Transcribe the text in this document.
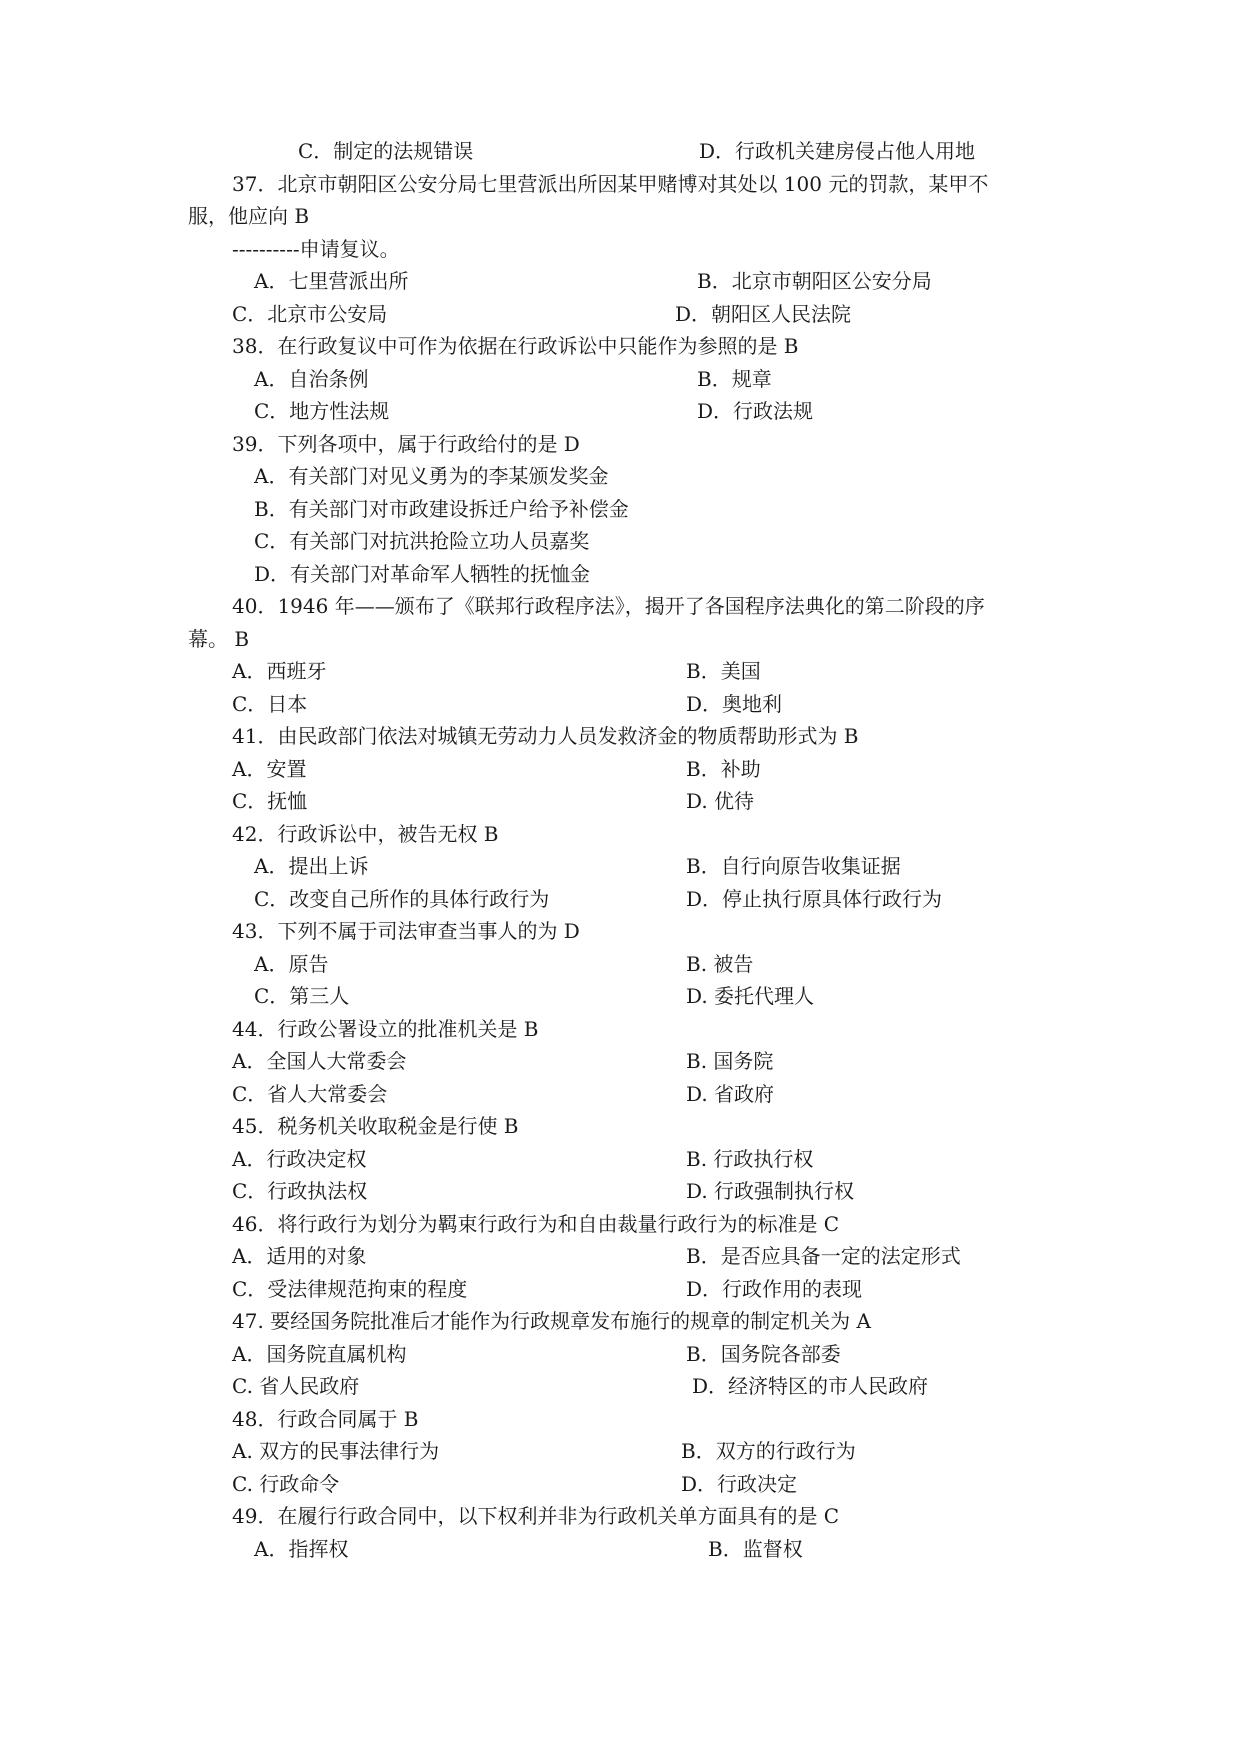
C．制定的法规错误	D．行政机关建房侵占他人用地
37．北京市朝阳区公安分局七里营派出所因某甲赌博对其处以 100 元的罚款，某甲不
服，他应向 B
----------申请复议。
A．七里营派出所	B．北京市朝阳区公安分局
C．北京市公安局	D．朝阳区人民法院
38．在行政复议中可作为依据在行政诉讼中只能作为参照的是 B
A．自治条例	B．规章
C．地方性法规	D．行政法规
39．下列各项中，属于行政给付的是 D
A．有关部门对见义勇为的李某颁发奖金
B．有关部门对市政建设拆迁户给予补偿金
C．有关部门对抗洪抢险立功人员嘉奖
D．有关部门对革命军人牺牲的抚恤金
40．1946 年——颁布了《联邦行政程序法》，揭开了各国程序法典化的第二阶段的序
幕。 B
A．西班牙	B．美国
C．日本	D．奥地利
41．由民政部门依法对城镇无劳动力人员发救济金的物质帮助形式为 B
A．安置	B．补助
C．抚恤	D. 优待
42．行政诉讼中，被告无权 B
A．提出上诉	B．自行向原告收集证据
C．改变自己所作的具体行政行为	D．停止执行原具体行政行为
43．下列不属于司法审查当事人的为 D
A．原告	B. 被告
C．第三人	D. 委托代理人
44．行政公署设立的批准机关是 B
A．全国人大常委会	B. 国务院
C．省人大常委会	D. 省政府
45．税务机关收取税金是行使 B
A．行政决定权	B. 行政执行权
C．行政执法权	D. 行政强制执行权
46．将行政行为划分为羁束行政行为和自由裁量行政行为的标准是 C
A．适用的对象	B．是否应具备一定的法定形式
C．受法律规范拘束的程度	D．行政作用的表现
47. 要经国务院批准后才能作为行政规章发布施行的规章的制定机关为 A
A．国务院直属机构	B．国务院各部委
C. 省人民政府	D．经济特区的市人民政府
48．行政合同属于 B
A. 双方的民事法律行为	B．双方的行政行为
C. 行政命令	D．行政决定
49．在履行行政合同中，以下权利并非为行政机关单方面具有的是 C
A．指挥权	B．监督权
